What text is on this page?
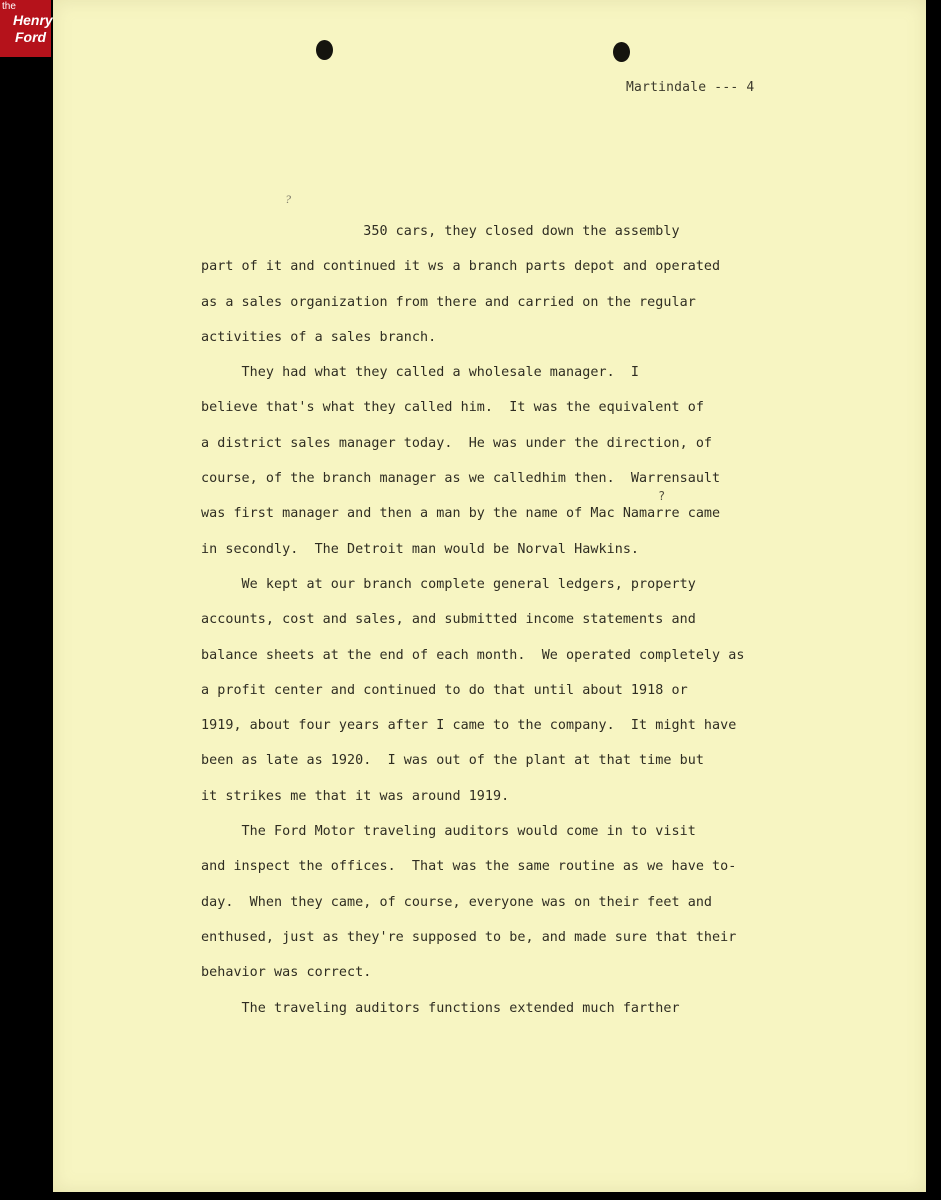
the
Henry
Ford
Martindale --- 4
?
?
350 cars, they closed down the assembly
part of it and continued it ws a branch parts depot and operated
as a sales organization from there and carried on the regular
activities of a sales branch.
They had what they called a wholesale manager.  I
believe that's what they called him.  It was the equivalent of
a district sales manager today.  He was under the direction, of
course, of the branch manager as we calledhim then.  Warrensault
was first manager and then a man by the name of Mac Namarre came
in secondly.  The Detroit man would be Norval Hawkins.
We kept at our branch complete general ledgers, property
accounts, cost and sales, and submitted income statements and
balance sheets at the end of each month.  We operated completely as
a profit center and continued to do that until about 1918 or
1919, about four years after I came to the company.  It might have
been as late as 1920.  I was out of the plant at that time but
it strikes me that it was around 1919.
The Ford Motor traveling auditors would come in to visit
and inspect the offices.  That was the same routine as we have to-
day.  When they came, of course, everyone was on their feet and
enthused, just as they're supposed to be, and made sure that their
behavior was correct.
The traveling auditors functions extended much farther
